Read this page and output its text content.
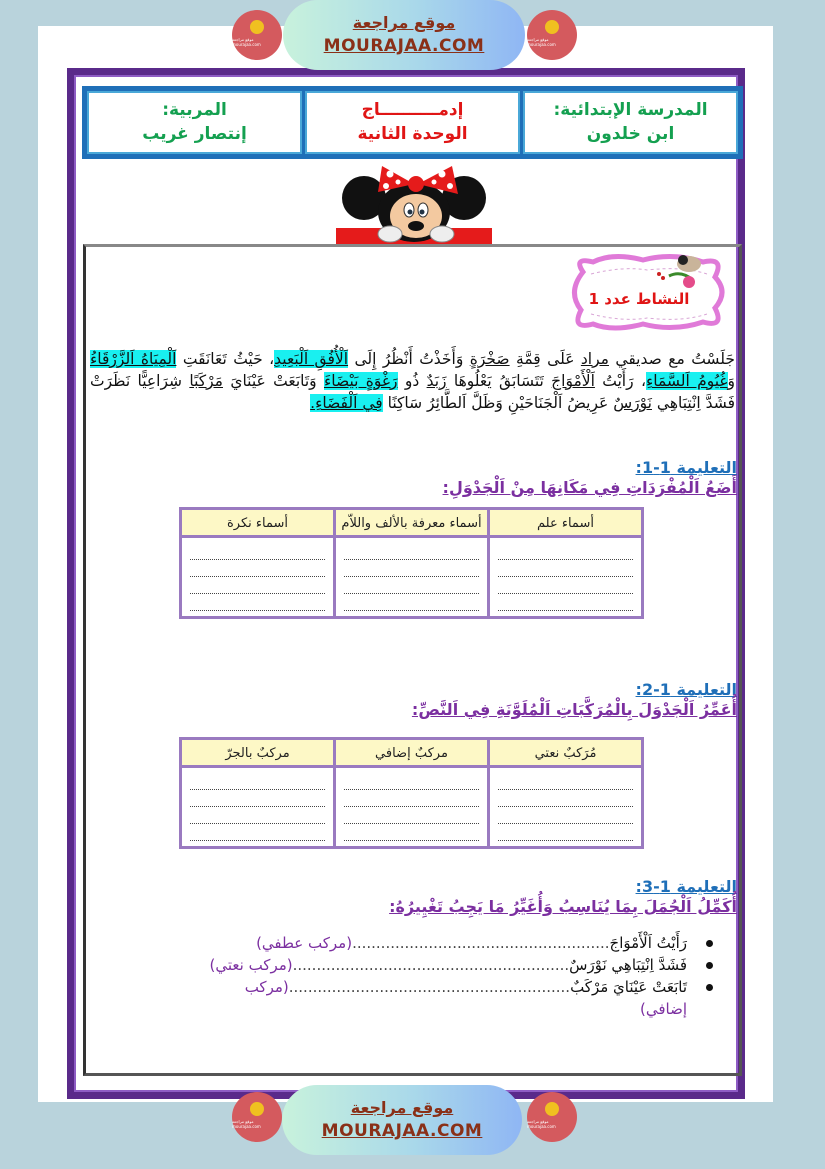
موقع مراجعة mourajaa.com
موقع مراجعة
MOURAJAA.COM	موقع مراجعة mourajaa.com
المدرسة الإبتدائية:
ابن خلدون
إدمــــــــــاج
الوحدة الثانية
المربية:
إنتصار غريب
النشاط عدد 1
جَلَسْتُ مع صديقي مراد عَلَى قِمَّةِ صَخْرَةٍ وَأَخَذْتُ أَنْظُرُ إِلَى اَلْأُفُقِ اَلْبَعِيدِ، حَيْثُ تَعَانَقَتِ اَلْمِيَاهُ اَلزَّرْقَاءُ وَغُيُومُ اَلسَّمَاءِ، رَأَيْتُ اَلْأَمْوَاجَ تَتَسَابَقُ يَعْلُوهَا زَبَدٌ ذُو رَغْوَةٍ بَيْضَاءَ وَتَابَعَتْ عَيْنَايَ مَرْكَبًا شِرَاعِيًّا نَظَرَتْ فَشَدَّ اِنْتِبَاهِي نَوْرَسٌ عَرِيضُ اَلْجَنَاحَيْنِ وَظَلَّ اَلطَّائِرُ سَاكِنًا فِي اَلْفَضَاءِ.
التعليمة 1-1:
أَضَعُ اَلْمُفْرَدَاتِ فِي مَكَانِهَا مِنْ اَلْجَدْوَلِ:
أسماء علم	أسماء معرفة بالألف واللاّم	أسماء نكرة

التعليمة 1-2:
أُعَمِّرُ اَلْجَدْوَلَ بِالْمُرَكَّبَاتِ اَلْمُلَوَّنَةِ فِي اَلنَّصِّ:
مُرَكبٌ نعتي	مركبٌ إضافي	مركبٌ بالجرّ

التعليمة 1-3:
أُكَمِّلُ اَلْجُمَلَ بِمَا يُنَاسِبُ وَأُغَيِّرُ مَا يَجِبُ تَغْيِيرُهُ:
رَأَيْتُ اَلْأَمْوَاجَ......................................................(مركب عطفي)
فَشَدَّ اِنْتِبَاهِي نَوْرَسٌ..........................................................(مركب نعتي)
تَابَعَتْ عَيْنَايَ مَرْكَبٌ...........................................................(مركب إضافي)
موقع مراجعة mourajaa.com
موقع مراجعة
MOURAJAA.COM	موقع مراجعة mourajaa.com
